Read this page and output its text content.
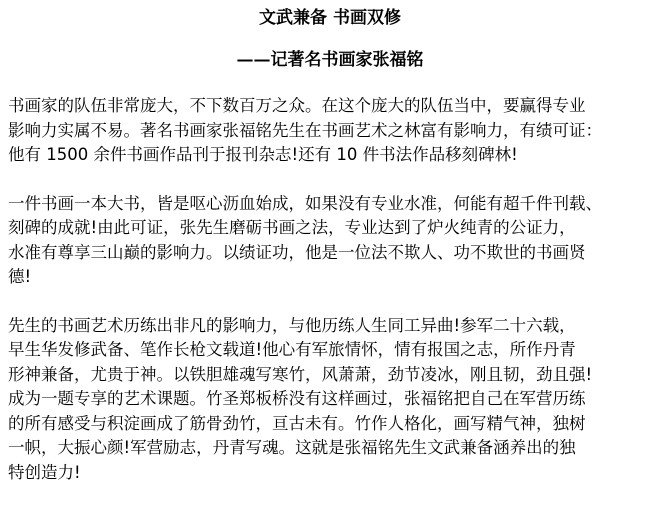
文武兼备 书画双修
——记著名书画家张福铭
书画家的队伍非常庞大，不下数百万之众。在这个庞大的队伍当中，要赢得专业
影响力实属不易。著名书画家张福铭先生在书画艺术之林富有影响力，有绩可证：
他有 1500 余件书画作品刊于报刊杂志!还有 10 件书法作品移刻碑林!
一件书画一本大书，皆是呕心沥血始成，如果没有专业水准，何能有超千件刊载、
刻碑的成就!由此可证，张先生磨砺书画之法，专业达到了炉火纯青的公证力，
水准有尊享三山巅的影响力。以绩证功，他是一位法不欺人、功不欺世的书画贤
德!
先生的书画艺术历练出非凡的影响力，与他历练人生同工异曲!参军二十六载，
早生华发修武备、笔作长枪文载道!他心有军旅情怀，情有报国之志，所作丹青
形神兼备，尤贵于神。以铁胆雄魂写寒竹，风萧萧，劲节凌冰，刚且韧，劲且强!
成为一题专享的艺术课题。竹圣郑板桥没有这样画过，张福铭把自己在军营历练
的所有感受与积淀画成了筋骨劲竹，亘古未有。竹作人格化，画写精气神，独树
一帜，大振心颜!军营励志，丹青写魂。这就是张福铭先生文武兼备涵养出的独
特创造力!
